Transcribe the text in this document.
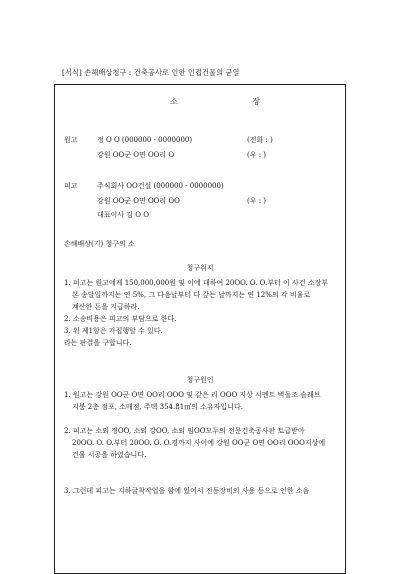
[서식] 손해배상청구 : 건축공사로 인한 인접건물의 균열
소	장
원고	정 O O (000000 - 0000000)	(전화 : )
강원 OO군 O면 OO리 O	(우 : )
피고	주식회사 OO건설 (000000 - 0000000)
강원 OO군 O면 OO리 OO	(우 : )
대표이사 김 O O
손해배상(기) 청구의 소
청구취지
1. 피고는 원고에게 150,000,000원 및 이에 대하여 20OO. O. O.부터 이 사건 소장부
본 송달일까지는 연 5%, 그 다음날부터 다 갚는 날까지는 연 12%의 각 비율로
계산한 돈을 지급하라.
2. 소송비용은 피고의 부담으로 한다.
3. 위 제1항은 가집행할 수 있다.
라는 판결을 구합니다.
청구원인
1. 원고는 강원 OO군 O면 OO리 OOO 및 같은 리 OOO 지상 시멘트 벽돌조 슬래브
지붕 2층 점포, 소매점, 주택 354.81㎡의 소유자입니다.
2. 피고는 소외 정OO, 소외 강OO, 소외 임OO모두의 전문건축공사판 토급받아
20OO. O. O.부터 20OO. O. O.경까지 사이에 강원 OO군 O면 OO리 OOO지상에
건물 시공을 하였습니다.
3. 그런데 피고는 지하굴착작업을 함에 있어서 진동장비의 사용 등으로 인한 소음
